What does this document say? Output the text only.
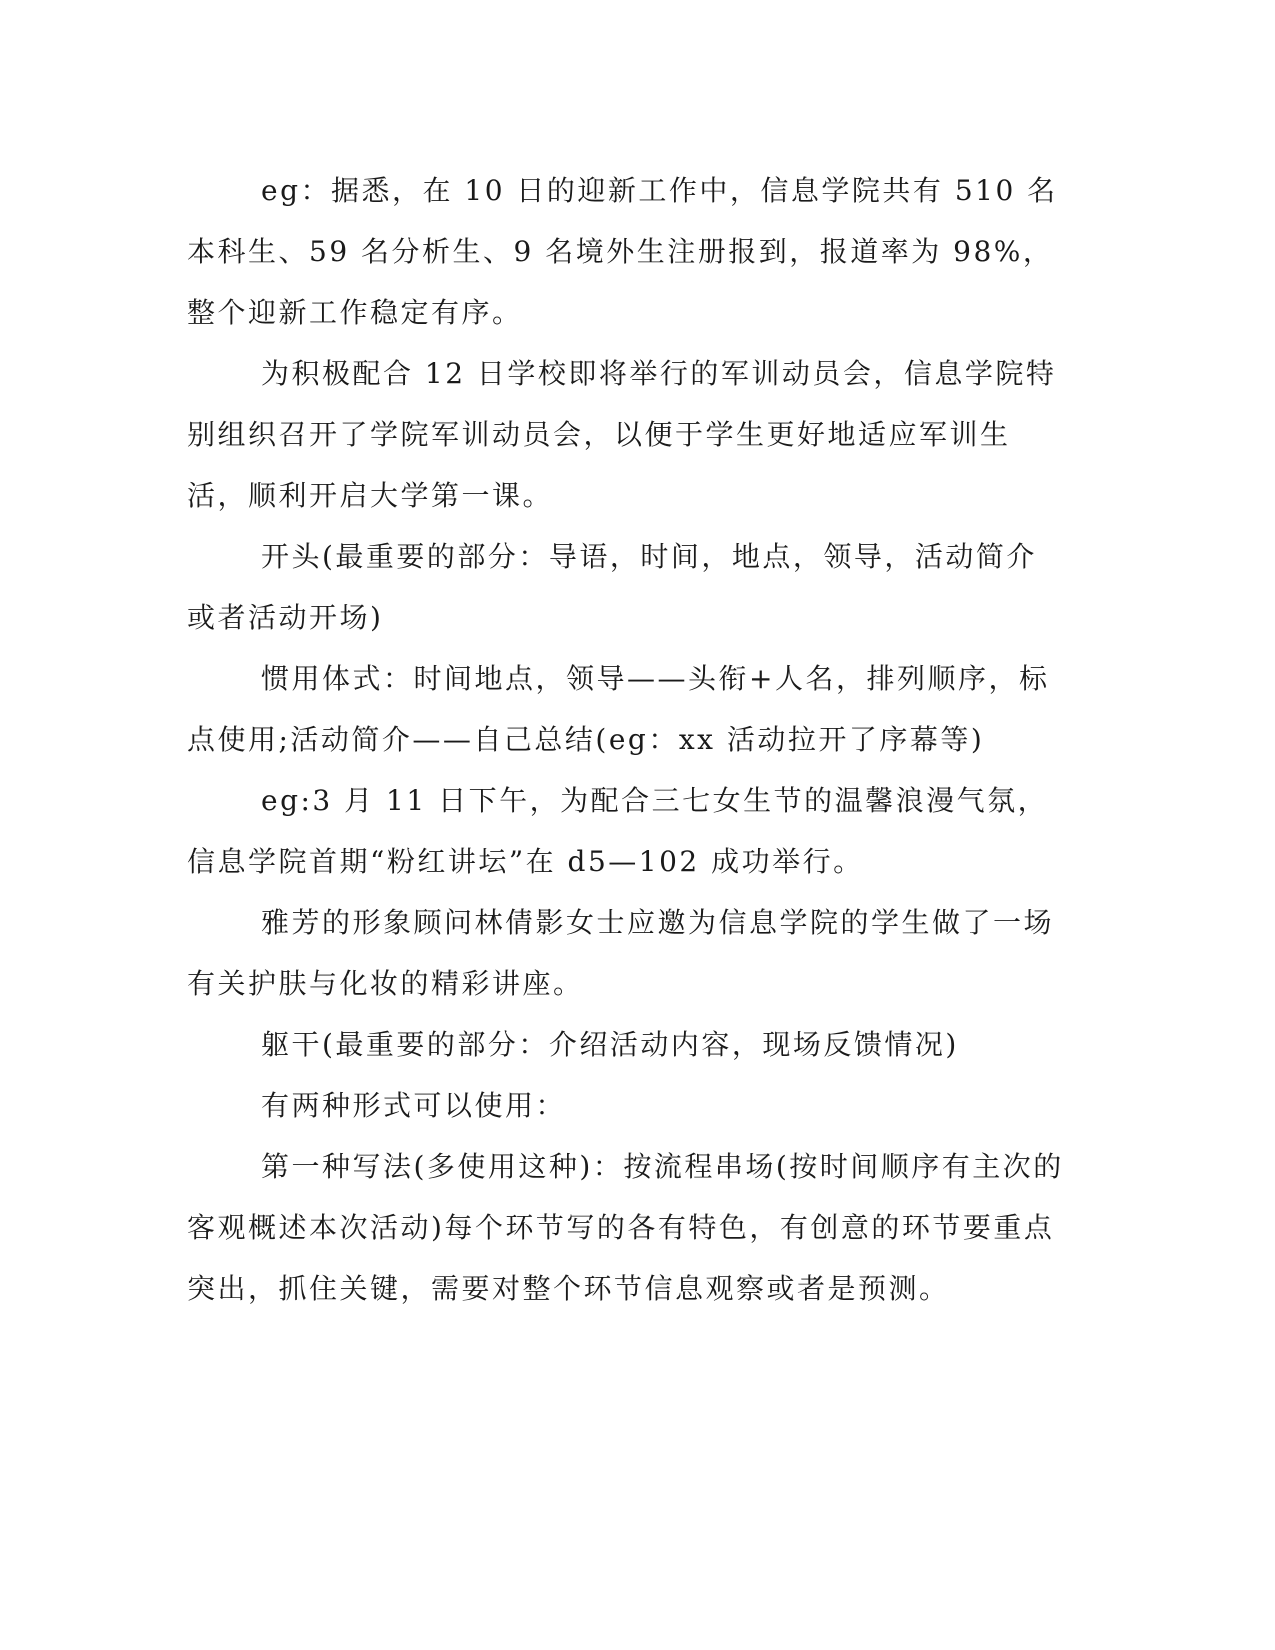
eg：据悉，在 10 日的迎新工作中，信息学院共有 510 名本科生、59 名分析生、9 名境外生注册报到，报道率为 98%，整个迎新工作稳定有序。

为积极配合 12 日学校即将举行的军训动员会，信息学院特别组织召开了学院军训动员会，以便于学生更好地适应军训生活，顺利开启大学第一课。

开头(最重要的部分：导语，时间，地点，领导，活动简介或者活动开场)

惯用体式：时间地点，领导——头衔+人名，排列顺序，标点使用;活动简介——自己总结(eg：xx 活动拉开了序幕等)

eg:3 月 11 日下午，为配合三七女生节的温馨浪漫气氛，信息学院首期“粉红讲坛”在 d5—102 成功举行。

雅芳的形象顾问林倩影女士应邀为信息学院的学生做了一场有关护肤与化妆的精彩讲座。

躯干(最重要的部分：介绍活动内容，现场反馈情况)

有两种形式可以使用：

第一种写法(多使用这种)：按流程串场(按时间顺序有主次的客观概述本次活动)每个环节写的各有特色，有创意的环节要重点突出，抓住关键，需要对整个环节信息观察或者是预测。
